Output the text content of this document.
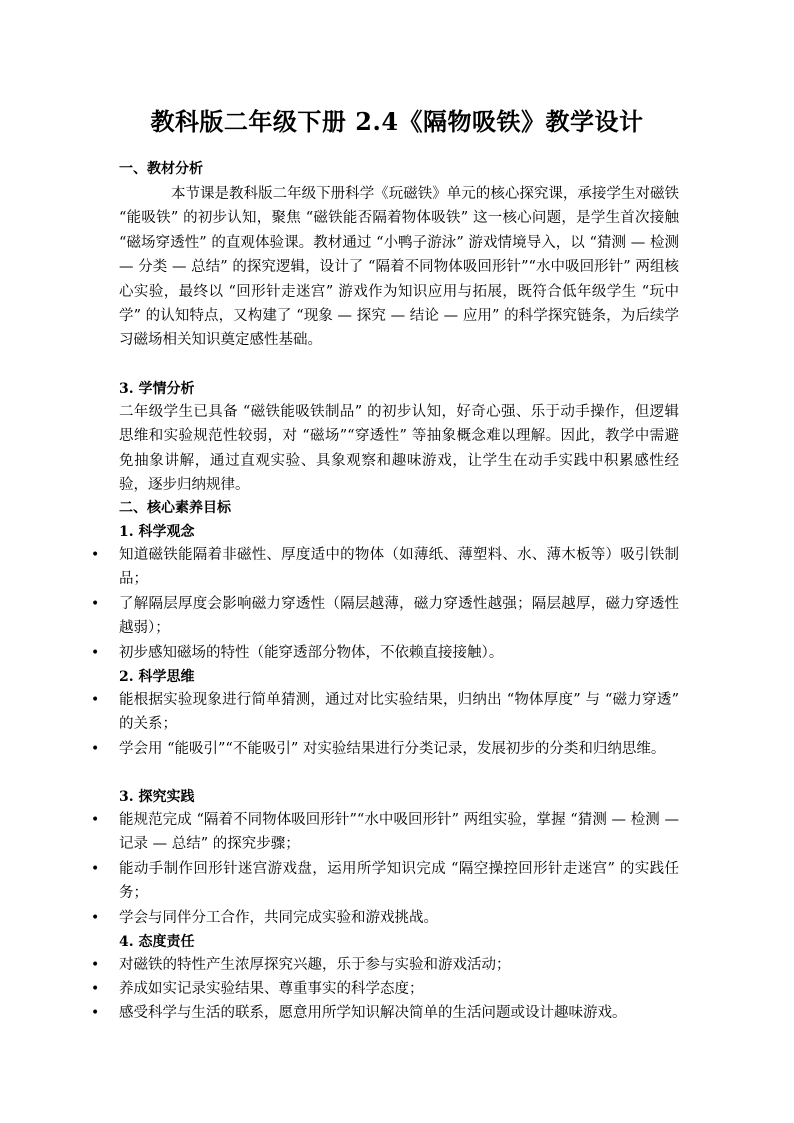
教科版二年级下册 2.4《隔物吸铁》教学设计
一、教材分析

本节课是教科版二年级下册科学《玩磁铁》单元的核心探究课，承接学生对磁铁 “能吸铁” 的初步认知，聚焦 “磁铁能否隔着物体吸铁” 这一核心问题，是学生首次接触 “磁场穿透性” 的直观体验课。教材通过 “小鸭子游泳” 游戏情境导入，以 “猜测 — 检测 — 分类 — 总结” 的探究逻辑，设计了 “隔着不同物体吸回形针”“水中吸回形针” 两组核心实验，最终以 “回形针走迷宫” 游戏作为知识应用与拓展，既符合低年级学生 “玩中学” 的认知特点，又构建了 “现象 — 探究 — 结论 — 应用” 的科学探究链条，为后续学习磁场相关知识奠定感性基础。

3. 学情分析

二年级学生已具备 “磁铁能吸铁制品” 的初步认知，好奇心强、乐于动手操作，但逻辑思维和实验规范性较弱，对 “磁场”“穿透性” 等抽象概念难以理解。因此，教学中需避免抽象讲解，通过直观实验、具象观察和趣味游戏，让学生在动手实践中积累感性经验，逐步归纳规律。

二、核心素养目标
1. 科学观念
• 知道磁铁能隔着非磁性、厚度适中的物体（如薄纸、薄塑料、水、薄木板等）吸引铁制品；
• 了解隔层厚度会影响磁力穿透性（隔层越薄，磁力穿透性越强；隔层越厚，磁力穿透性越弱）；
• 初步感知磁场的特性（能穿透部分物体，不依赖直接接触）。
2. 科学思维
• 能根据实验现象进行简单猜测，通过对比实验结果，归纳出 “物体厚度” 与 “磁力穿透” 的关系；
• 学会用 “能吸引”“不能吸引” 对实验结果进行分类记录，发展初步的分类和归纳思维。
3. 探究实践
• 能规范完成 “隔着不同物体吸回形针”“水中吸回形针” 两组实验，掌握 “猜测 — 检测 — 记录 — 总结” 的探究步骤；
• 能动手制作回形针迷宫游戏盘，运用所学知识完成 “隔空操控回形针走迷宫” 的实践任务；
• 学会与同伴分工合作，共同完成实验和游戏挑战。
4. 态度责任
• 对磁铁的特性产生浓厚探究兴趣，乐于参与实验和游戏活动；
• 养成如实记录实验结果、尊重事实的科学态度；
• 感受科学与生活的联系，愿意用所学知识解决简单的生活问题或设计趣味游戏。
